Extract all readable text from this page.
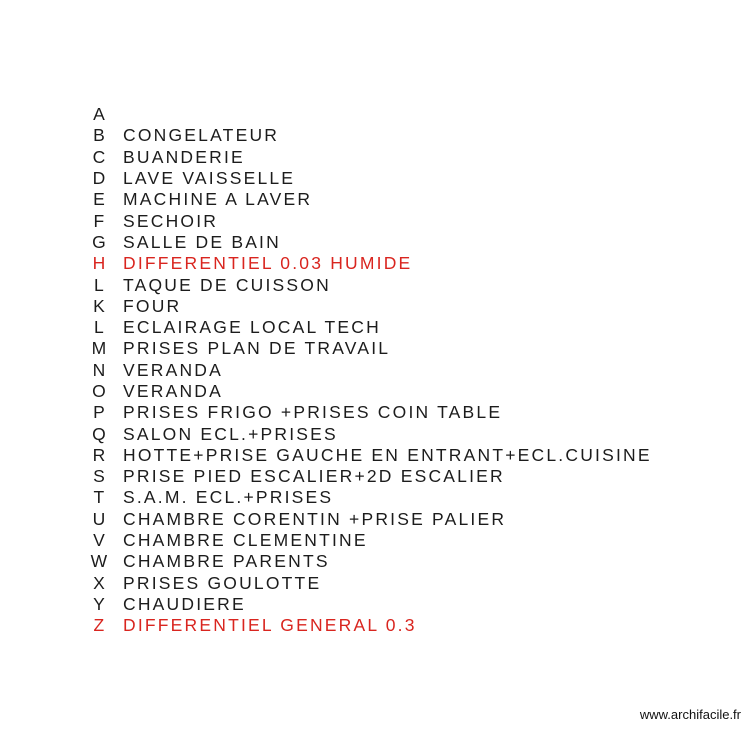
A
B CONGELATEUR
C BUANDERIE
D LAVE VAISSELLE
E MACHINE A LAVER
F SECHOIR
G SALLE DE BAIN
H DIFFERENTIEL 0.03 HUMIDE
L TAQUE DE CUISSON
K FOUR
L ECLAIRAGE LOCAL TECH
M PRISES PLAN DE TRAVAIL
N VERANDA
O VERANDA
P PRISES FRIGO +PRISES COIN TABLE
Q SALON ECL.+PRISES
R HOTTE+PRISE GAUCHE EN ENTRANT+ECL.CUISINE
S PRISE PIED ESCALIER+2D ESCALIER
T S.A.M. ECL.+PRISES
U CHAMBRE CORENTIN +PRISE PALIER
V CHAMBRE CLEMENTINE
W CHAMBRE PARENTS
X PRISES GOULOTTE
Y CHAUDIERE
Z DIFFERENTIEL GENERAL 0.3
www.archifacile.fr
